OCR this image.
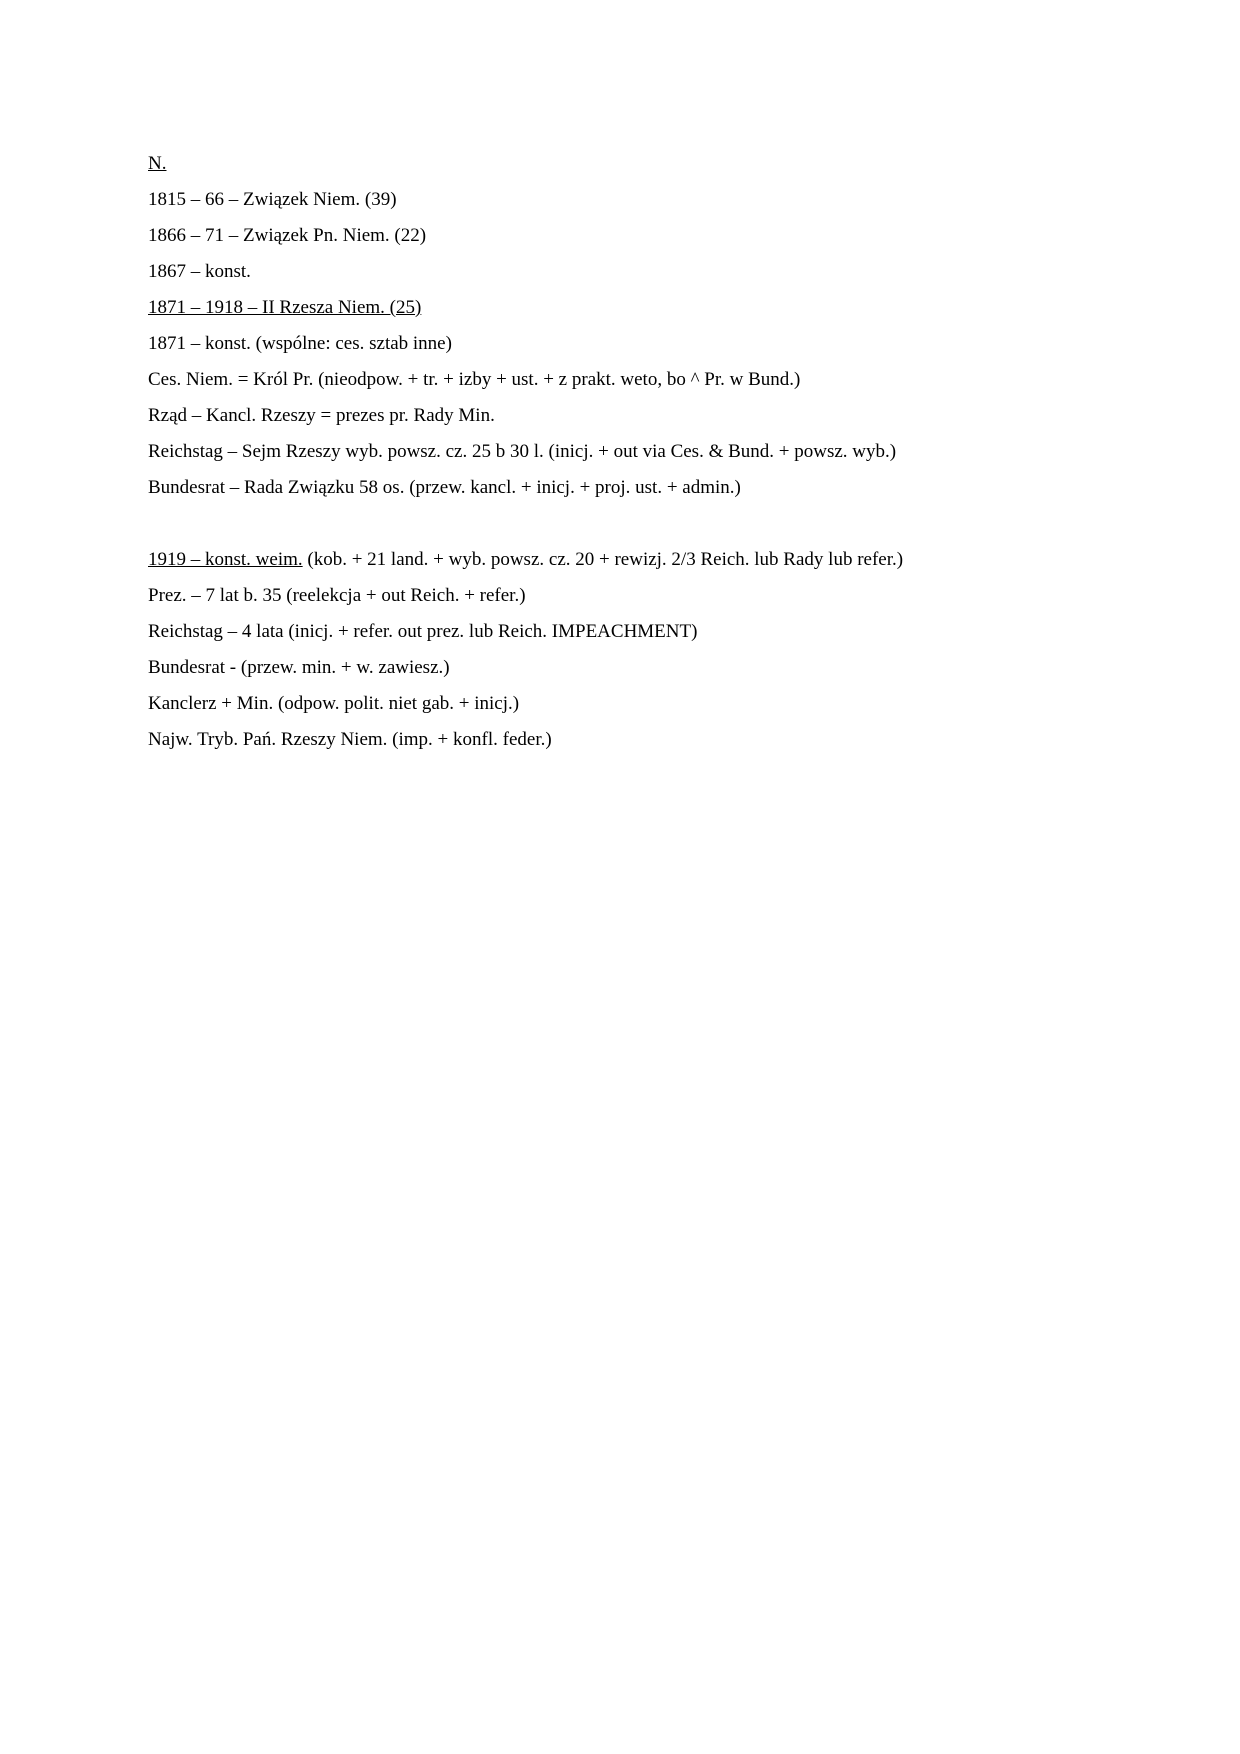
N.
1815 – 66 – Związek Niem. (39)
1866 – 71 – Związek Pn. Niem. (22)
1867 – konst.
1871 – 1918 – II Rzesza Niem. (25)
1871 – konst. (wspólne: ces. sztab inne)
Ces. Niem. = Król Pr. (nieodpow. + tr. + izby + ust. + z prakt. weto, bo ^ Pr. w Bund.)
Rząd – Kancl. Rzeszy = prezes pr. Rady Min.
Reichstag – Sejm Rzeszy wyb. powsz. cz. 25 b 30 l. (inicj. + out via Ces. & Bund. + powsz. wyb.)
Bundesrat – Rada Związku 58 os. (przew. kancl. + inicj. + proj. ust. + admin.)
1919 – konst. weim. (kob. + 21 land. + wyb. powsz. cz. 20 + rewizj. 2/3 Reich. lub Rady lub refer.)
Prez. – 7 lat b. 35 (reelekcja + out Reich. + refer.)
Reichstag – 4 lata (inicj. + refer. out prez. lub Reich. IMPEACHMENT)
Bundesrat - (przew. min. + w. zawiesz.)
Kanclerz + Min. (odpow. polit. niet gab. + inicj.)
Najw. Tryb. Pań. Rzeszy Niem. (imp. + konfl. feder.)
